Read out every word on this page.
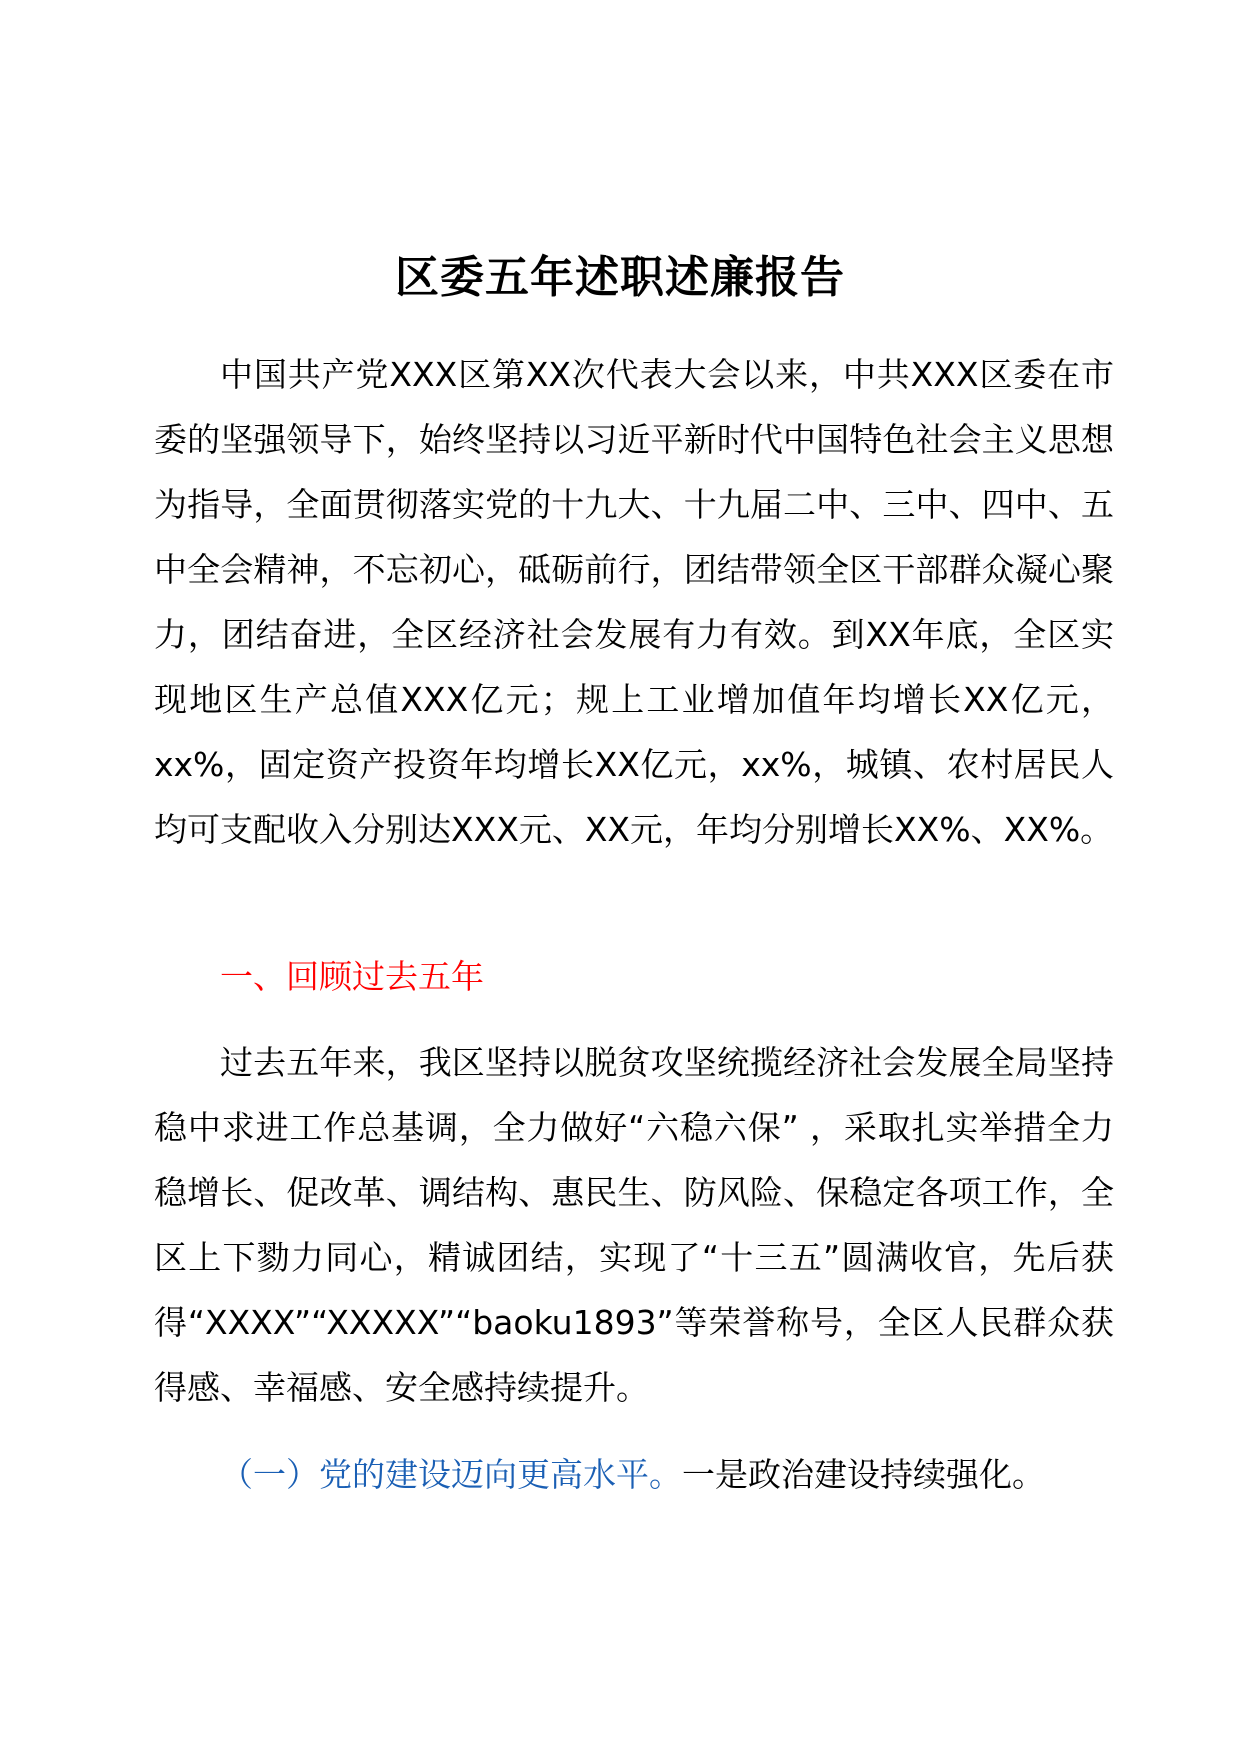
区委五年述职述廉报告

中国共产党XXX区第XX次代表大会以来，中共XXX区委在市委的坚强领导下，始终坚持以习近平新时代中国特色社会主义思想为指导，全面贯彻落实党的十九大、十九届二中、三中、四中、五中全会精神，不忘初心，砥砺前行，团结带领全区干部群众凝心聚力，团结奋进，全区经济社会发展有力有效。到XX年底，全区实现地区生产总值XXX亿元；规上工业增加值年均增长XX亿元，xx%，固定资产投资年均增长XX亿元，xx%，城镇、农村居民人均可支配收入分别达XXX元、XX元，年均分别增长XX%、XX%。

一、回顾过去五年

过去五年来，我区坚持以脱贫攻坚统揽经济社会发展全局坚持稳中求进工作总基调，全力做好“六稳六保” ，采取扎实举措全力稳增长、促改革、调结构、惠民生、防风险、保稳定各项工作，全区上下勠力同心，精诚团结，实现了“十三五”圆满收官，先后获得“XXXX”“XXXXX”“baoku1893”等荣誉称号，全区人民群众获得感、幸福感、安全感持续提升。

（一）党的建设迈向更高水平。一是政治建设持续强化。
